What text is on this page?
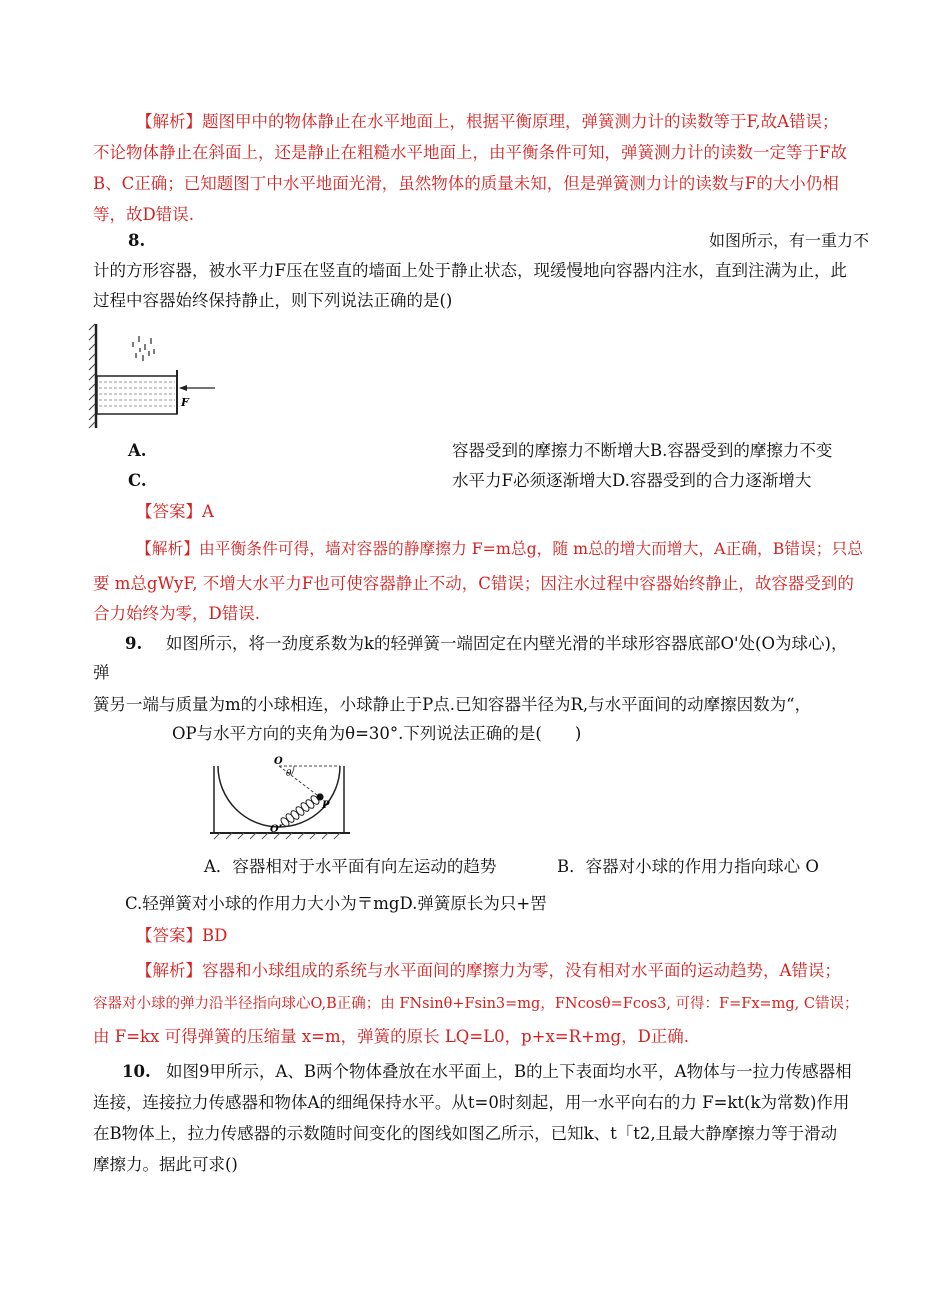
【解析】题图甲中的物体静止在水平地面上，根据平衡原理，弹簧测力计的读数等于F,故A错误；
不论物体静止在斜面上，还是静止在粗糙水平地面上，由平衡条件可知，弹簧测力计的读数一定等于F故
B、C正确；已知题图丁中水平地面光滑，虽然物体的质量未知，但是弹簧测力计的读数与F的大小仍相
等，故D错误.
8.	如图所示，有一重力不
计的方形容器，被水平力F压在竖直的墙面上处于静止状态，现缓慢地向容器内注水，直到注满为止，此
过程中容器始终保持静止，则下列说法正确的是()
F
A.	容器受到的摩擦力不断增大B.容器受到的摩擦力不变
C.	水平力F必须逐渐增大D.容器受到的合力逐渐增大
【答案】A
【解析】由平衡条件可得，墙对容器的静摩擦力 F=m总g，随 m总的增大而增大，A正确，B错误；只总
要 m总gWyF, 不增大水平力F也可使容器静止不动，C错误；因注水过程中容器始终静止，故容器受到的
合力始终为零，D错误.
9. 如图所示，将一劲度系数为k的轻弹簧一端固定在内壁光滑的半球形容器底部O'处(O为球心)，
弹
簧另一端与质量为m的小球相连，小球静止于P点.已知容器半径为R,与水平面间的动摩擦因数为“，
OP与水平方向的夹角为θ=30°.下列说法正确的是(　　)
O
θ
P
O'
A．容器相对于水平面有向左运动的趋势	B．容器对小球的作用力指向球心 O
C.轻弹簧对小球的作用力大小为〒mgD.弹簧原长为只+罟
【答案】BD
【解析】容器和小球组成的系统与水平面间的摩擦力为零，没有相对水平面的运动趋势，A错误；
容器对小球的弹力沿半径指向球心O,B正确；由 FNsinθ+Fsin3=mg，FNcosθ=Fcos3, 可得：F=Fx=mg, C错误；
由 F=kx 可得弹簧的压缩量 x=m，弹簧的原长 LQ=L0，p+x=R+mg，D正确.
10. 如图9甲所示，A、B两个物体叠放在水平面上，B的上下表面均水平，A物体与一拉力传感器相
连接，连接拉力传感器和物体A的细绳保持水平。从t=0时刻起，用一水平向右的力 F=kt(k为常数)作用
在B物体上，拉力传感器的示数随时间变化的图线如图乙所示，已知k、t「t2,且最大静摩擦力等于滑动
摩擦力。据此可求()
